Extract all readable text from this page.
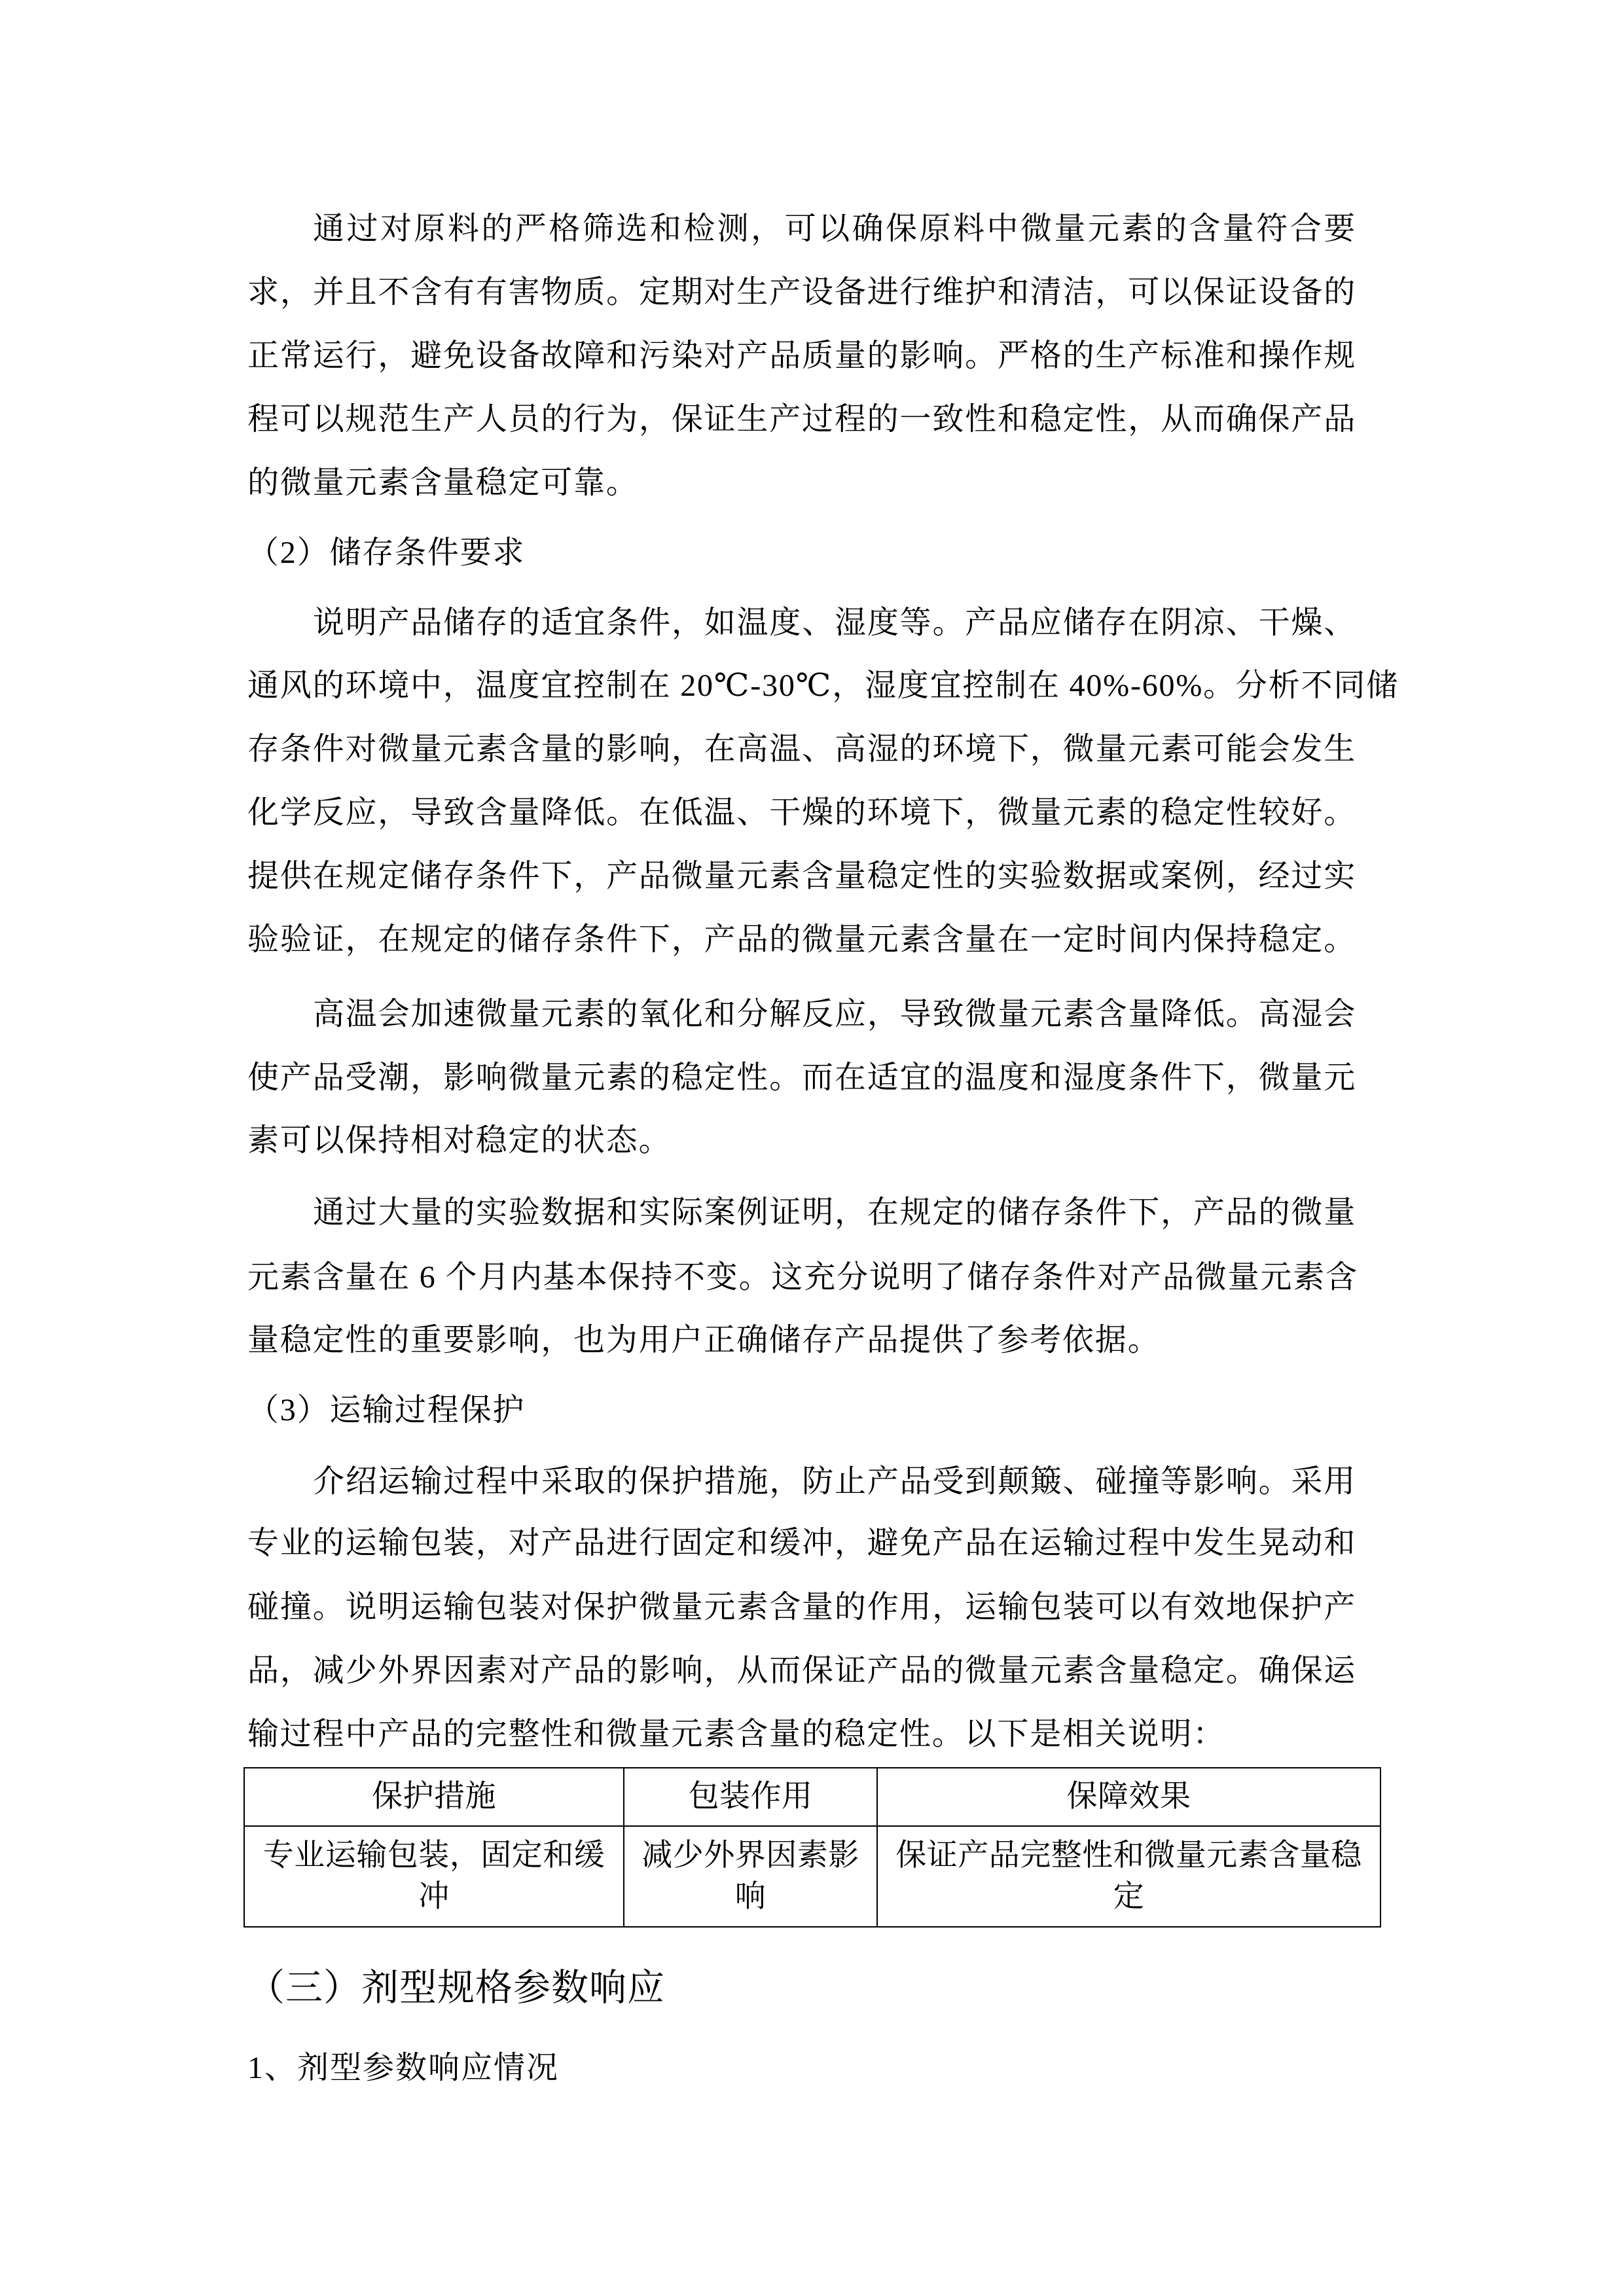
通过对原料的严格筛选和检测，可以确保原料中微量元素的含量符合要
求，并且不含有有害物质。定期对生产设备进行维护和清洁，可以保证设备的
正常运行，避免设备故障和污染对产品质量的影响。严格的生产标准和操作规
程可以规范生产人员的行为，保证生产过程的一致性和稳定性，从而确保产品
的微量元素含量稳定可靠。
（2）储存条件要求
说明产品储存的适宜条件，如温度、湿度等。产品应储存在阴凉、干燥、
通风的环境中，温度宜控制在 20℃-30℃，湿度宜控制在 40%-60%。分析不同储
存条件对微量元素含量的影响，在高温、高湿的环境下，微量元素可能会发生
化学反应，导致含量降低。在低温、干燥的环境下，微量元素的稳定性较好。
提供在规定储存条件下，产品微量元素含量稳定性的实验数据或案例，经过实
验验证，在规定的储存条件下，产品的微量元素含量在一定时间内保持稳定。
高温会加速微量元素的氧化和分解反应，导致微量元素含量降低。高湿会
使产品受潮，影响微量元素的稳定性。而在适宜的温度和湿度条件下，微量元
素可以保持相对稳定的状态。
通过大量的实验数据和实际案例证明，在规定的储存条件下，产品的微量
元素含量在 6 个月内基本保持不变。这充分说明了储存条件对产品微量元素含
量稳定性的重要影响，也为用户正确储存产品提供了参考依据。
（3）运输过程保护
介绍运输过程中采取的保护措施，防止产品受到颠簸、碰撞等影响。采用
专业的运输包装，对产品进行固定和缓冲，避免产品在运输过程中发生晃动和
碰撞。说明运输包装对保护微量元素含量的作用，运输包装可以有效地保护产
品，减少外界因素对产品的影响，从而保证产品的微量元素含量稳定。确保运
输过程中产品的完整性和微量元素含量的稳定性。以下是相关说明：
保护措施	包装作用	保障效果
专业运输包装，固定和缓冲	减少外界因素影响	保证产品完整性和微量元素含量稳定
（三）剂型规格参数响应
1、剂型参数响应情况
